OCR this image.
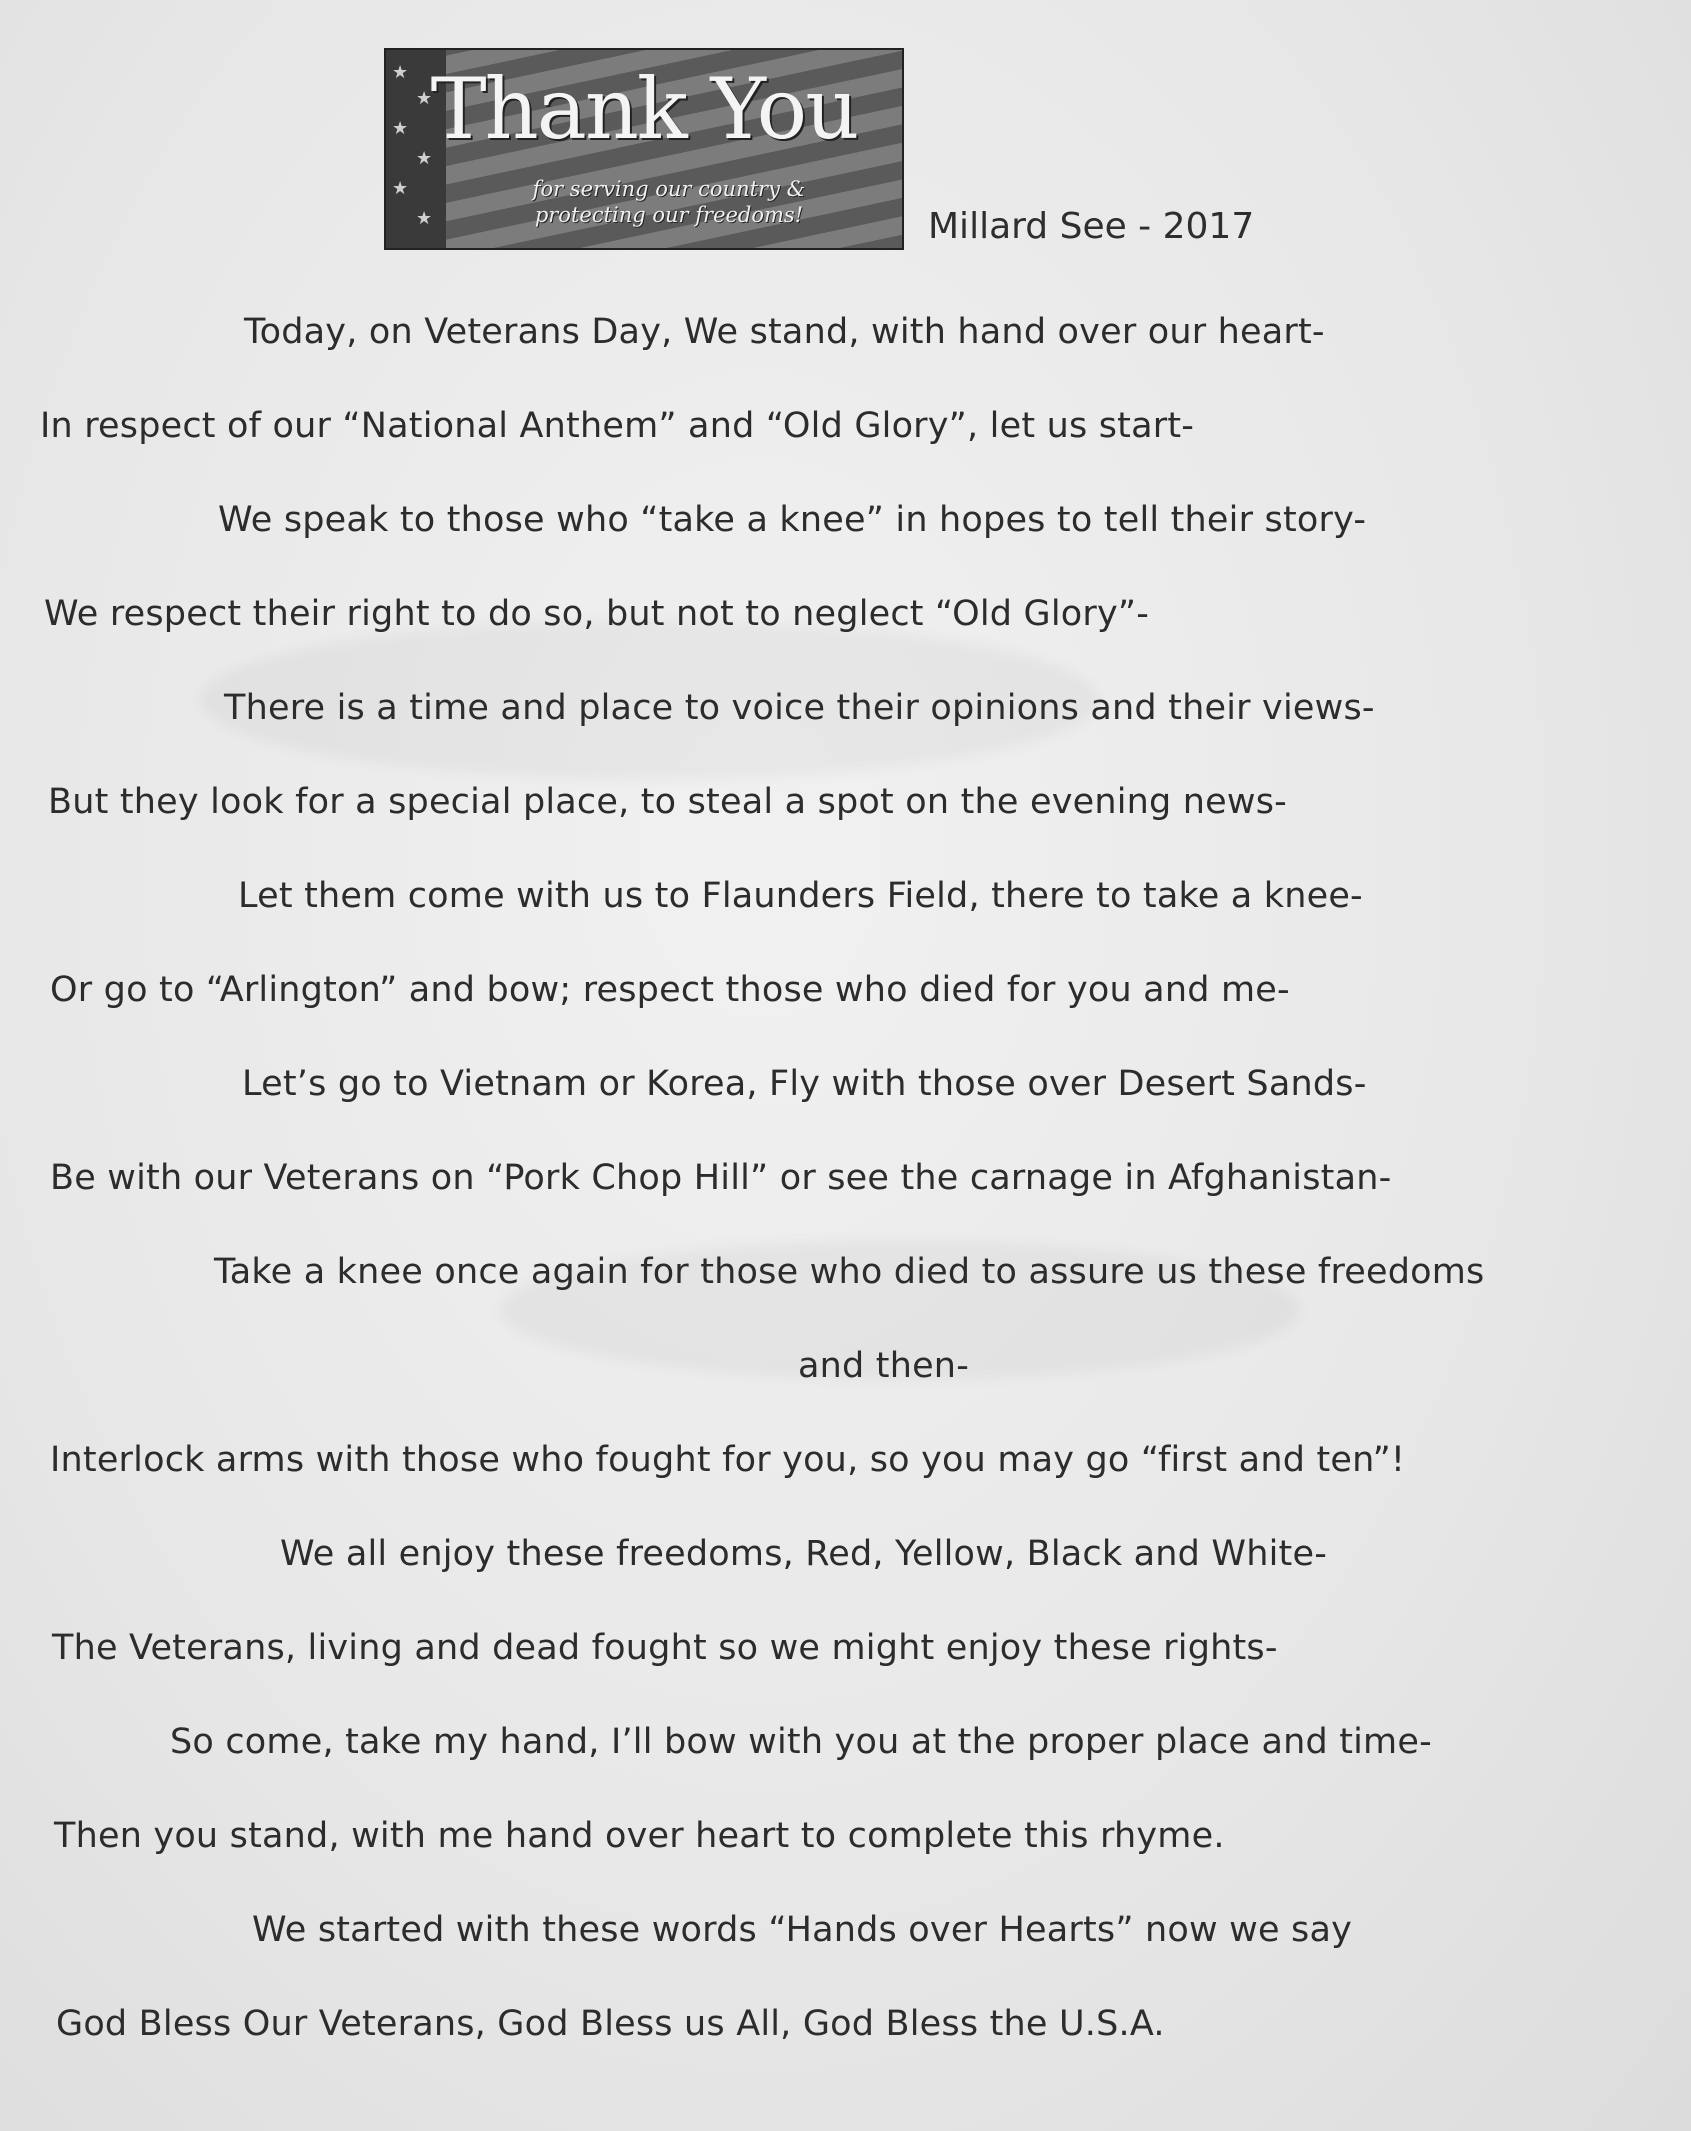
★
★
★
★
★
★
Thank You
for serving our country &
protecting our freedoms!	Millard See - 2017
Today, on Veterans Day, We stand, with hand over our heart-
In respect of our “National Anthem” and “Old Glory”, let us start-
We speak to those who “take a knee” in hopes to tell their story-
We respect their right to do so, but not to neglect “Old Glory”-
There is a time and place to voice their opinions and their views-
But they look for a special place, to steal a spot on the evening news-
Let them come with us to Flaunders Field, there to take a knee-
Or go to “Arlington” and bow; respect those who died for you and me-
Let’s go to Vietnam or Korea, Fly with those over Desert Sands-
Be with our Veterans on “Pork Chop Hill” or see the carnage in Afghanistan-
Take a knee once again for those who died to assure us these freedoms
and then-
Interlock arms with those who fought for you, so you may go “first and ten”!
We all enjoy these freedoms, Red, Yellow, Black and White-
The Veterans, living and dead fought so we might enjoy these rights-
So come, take my hand, I’ll bow with you at the proper place and time-
Then you stand, with me hand over heart to complete this rhyme.
We started with these words “Hands over Hearts” now we say
God Bless Our Veterans, God Bless us All, God Bless the U.S.A.
